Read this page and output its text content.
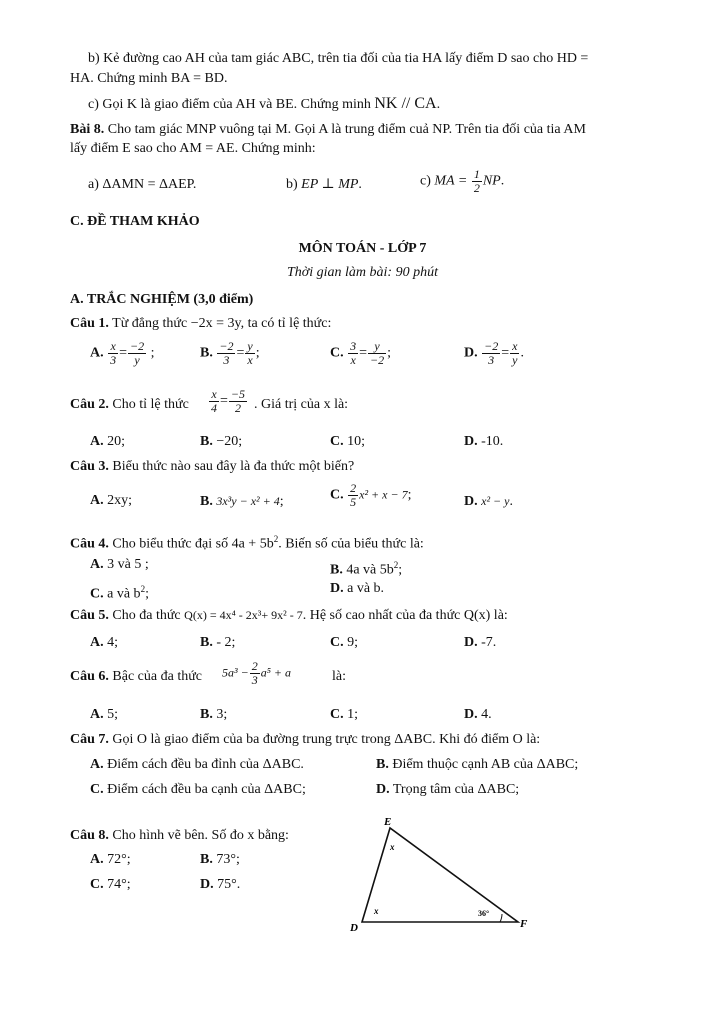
b) Kẻ đường cao AH của tam giác ABC, trên tia đối của tia HA lấy điểm D sao cho HD =
HA. Chứng minh BA = BD.
c) Gọi K là giao điểm của AH và BE. Chứng minh NK // CA.
Bài 8. Cho tam giác MNP vuông tại M. Gọi A là trung điểm cuả NP. Trên tia đối của tia AM
lấy điểm E sao cho AM = AE. Chứng minh:
a) ΔAMN = ΔAEP.	b) EP ⊥ MP.	c) MA = $\frac{1}{2}$ NP.
C. ĐỀ THAM KHẢO
MÔN TOÁN - LỚP 7
Thời gian làm bài: 90 phút
A. TRẮC NGHIỆM (3,0 điểm)
Câu 1. Từ đẳng thức −2x = 3y, ta có tỉ lệ thức:
A. $\frac{x}{3} = \frac{-2}{y}$ ;	B. $\frac{-2}{3} = \frac{y}{x}$ ;	C. $\frac{3}{x} = \frac{y}{-2}$ ;	D. $\frac{-2}{3} = \frac{x}{y}$ .
Câu 2. Cho tỉ lệ thức $\frac{x}{4} = \frac{-5}{2}$ . Giá trị của x là:
A. 20;	B. −20;	C. 10;	D. -10.
Câu 3. Biểu thức nào sau đây là đa thức một biến?
A. 2xy;	B. 3x³y − x² + 4;	C. $\frac{2}{5} x^2 + x - 7$;	D. x² − y.
Câu 4. Cho biểu thức đại số $4a + 5b^2$. Biến số của biểu thức là:
A. 3 và 5 ;	B. 4a và $5b^2$;
C. a và $b^2$;	D. a và b.
Câu 5. Cho đa thức Q(x) = 4x⁴ - 2x³+ 9x² - 7. Hệ số cao nhất của đa thức Q(x) là:
A. 4;	B. - 2;	C. 9;	D. -7.
Câu 6. Bậc của đa thức $5a^3 - \frac{2}{3} a^5 + a$	là:
A. 5;	B. 3;	C. 1;	D. 4.
Câu 7. Gọi O là giao điểm của ba đường trung trực trong ΔABC. Khi đó điểm O là:
A. Điểm cách đều ba đỉnh của ΔABC.	B. Điểm thuộc cạnh AB của ΔABC;
C. Điểm cách đều ba cạnh của ΔABC;	D. Trọng tâm của ΔABC;
Câu 8. Cho hình vẽ bên. Số đo x bằng:
A. 72°;	B. 73°;
C. 74°;	D. 75°.
E
D	F
x
x	36°
